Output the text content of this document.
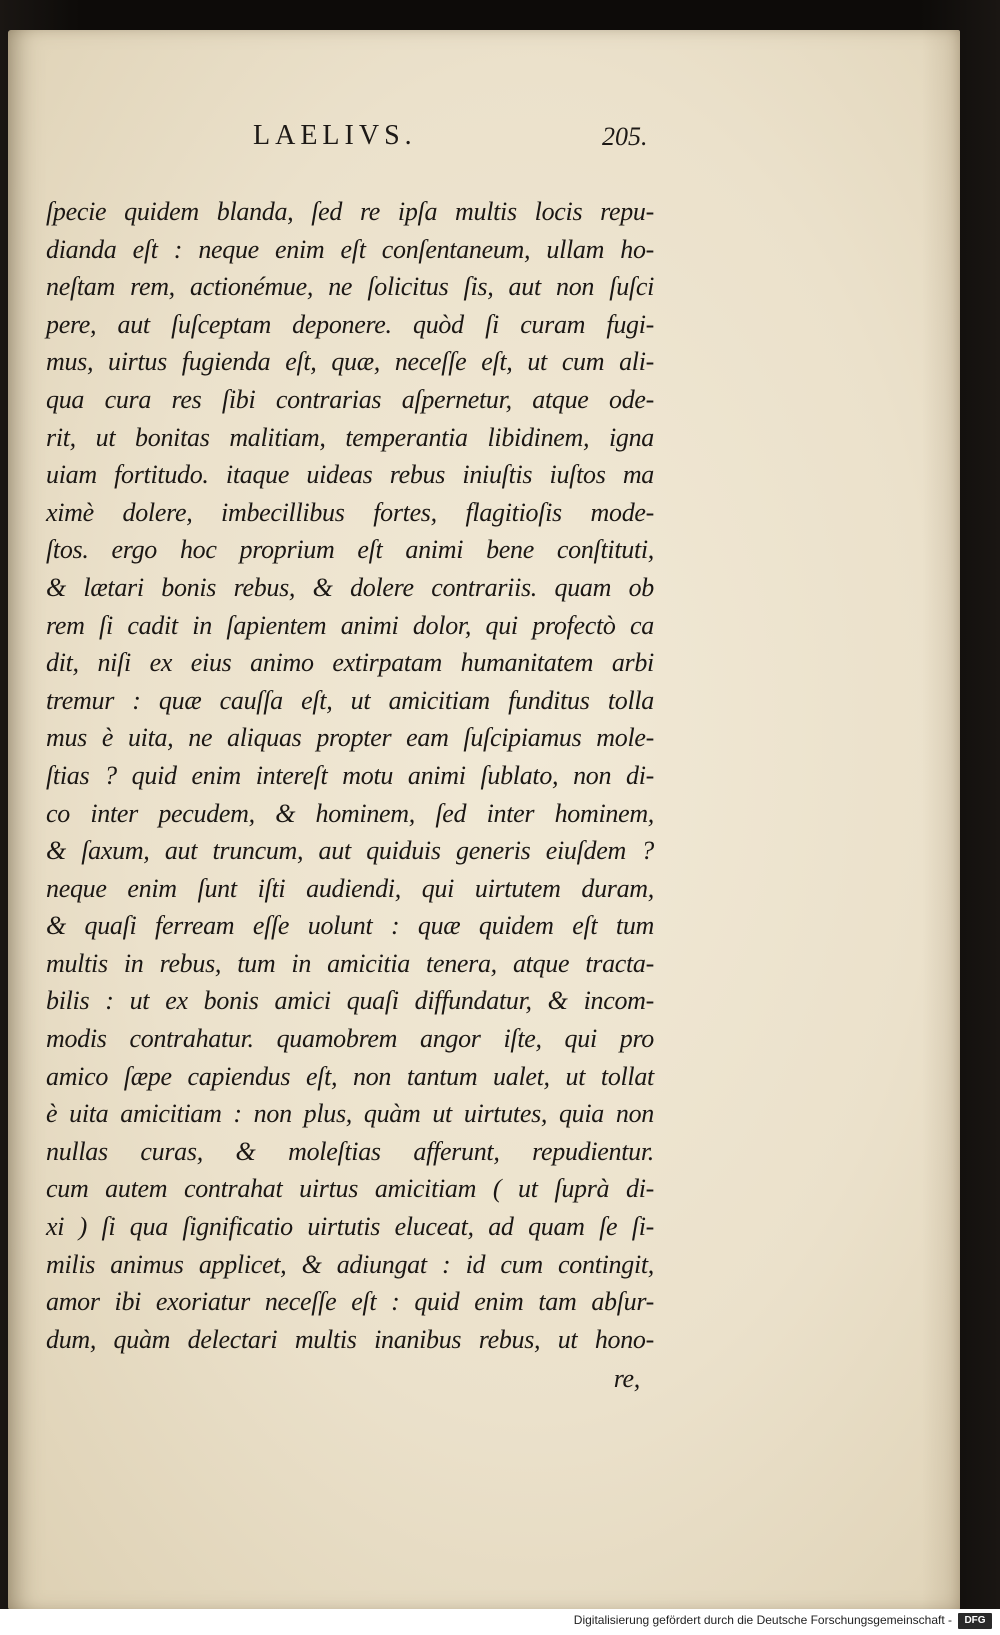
LAELIVS.	205.
ſpecie quidem blanda, ſed re ipſa multis locis repu-
dianda eſt : neque enim eſt conſentaneum, ullam ho-
neſtam rem, actionémue, ne ſolicitus ſis, aut non ſuſci
pere, aut ſuſceptam deponere. quòd ſi curam fugi-
mus, uirtus fugienda eſt, quæ, neceſſe eſt, ut cum ali-
qua cura res ſibi contrarias aſpernetur, atque ode-
rit, ut bonitas malitiam, temperantia libidinem, igna
uiam fortitudo. itaque uideas rebus iniuſtis iuſtos ma
ximè dolere, imbecillibus fortes, flagitioſis mode-
ſtos. ergo hoc proprium eſt animi bene conſtituti,
& lætari bonis rebus, & dolere contrariis. quam ob
rem ſi cadit in ſapientem animi dolor, qui profectò ca
dit, niſi ex eius animo extirpatam humanitatem arbi
tremur : quæ cauſſa eſt, ut amicitiam funditus tolla
mus è uita, ne aliquas propter eam ſuſcipiamus mole-
ſtias ? quid enim intereſt motu animi ſublato, non di-
co inter pecudem, & hominem, ſed inter hominem,
& ſaxum, aut truncum, aut quiduis generis eiuſdem ?
neque enim ſunt iſti audiendi, qui uirtutem duram,
& quaſi ferream eſſe uolunt : quæ quidem eſt tum
multis in rebus, tum in amicitia tenera, atque tracta-
bilis : ut ex bonis amici quaſi diffundatur, & incom-
modis contrahatur. quamobrem angor iſte, qui pro
amico ſæpe capiendus eſt, non tantum ualet, ut tollat
è uita amicitiam : non plus, quàm ut uirtutes, quia non
nullas curas, & moleſtias afferunt, repudientur.
cum autem contrahat uirtus amicitiam ( ut ſuprà di-
xi ) ſi qua ſignificatio uirtutis eluceat, ad quam ſe ſi-
milis animus applicet, & adiungat : id cum contingit,
amor ibi exoriatur neceſſe eſt : quid enim tam abſur-
dum, quàm delectari multis inanibus rebus, ut hono-
re,
Digitalisierung gefördert durch die Deutsche Forschungsgemeinschaft -	DFG
